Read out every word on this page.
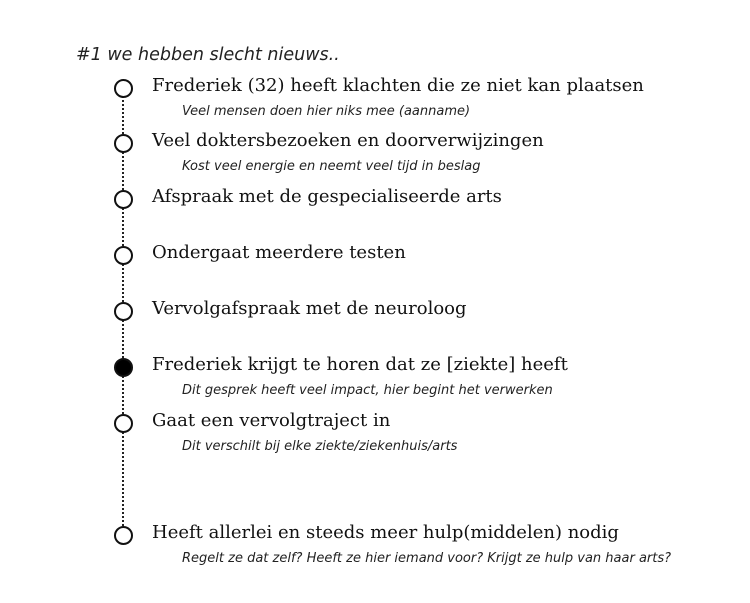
#1 we hebben slecht nieuws..
Frederiek (32) heeft klachten die ze niet kan plaatsen
Veel mensen doen hier niks mee (aanname)
Veel doktersbezoeken en doorverwijzingen
Kost veel energie en neemt veel tijd in beslag
Afspraak met de gespecialiseerde arts
Ondergaat meerdere testen
Vervolgafspraak met de neuroloog
Frederiek krijgt te horen dat ze [ziekte] heeft
Dit gesprek heeft veel impact, hier begint het verwerken
Gaat een vervolgtraject in
Dit verschilt bij elke ziekte/ziekenhuis/arts
Heeft allerlei en steeds meer hulp(middelen) nodig
Regelt ze dat zelf? Heeft ze hier iemand voor? Krijgt ze hulp van haar arts?
